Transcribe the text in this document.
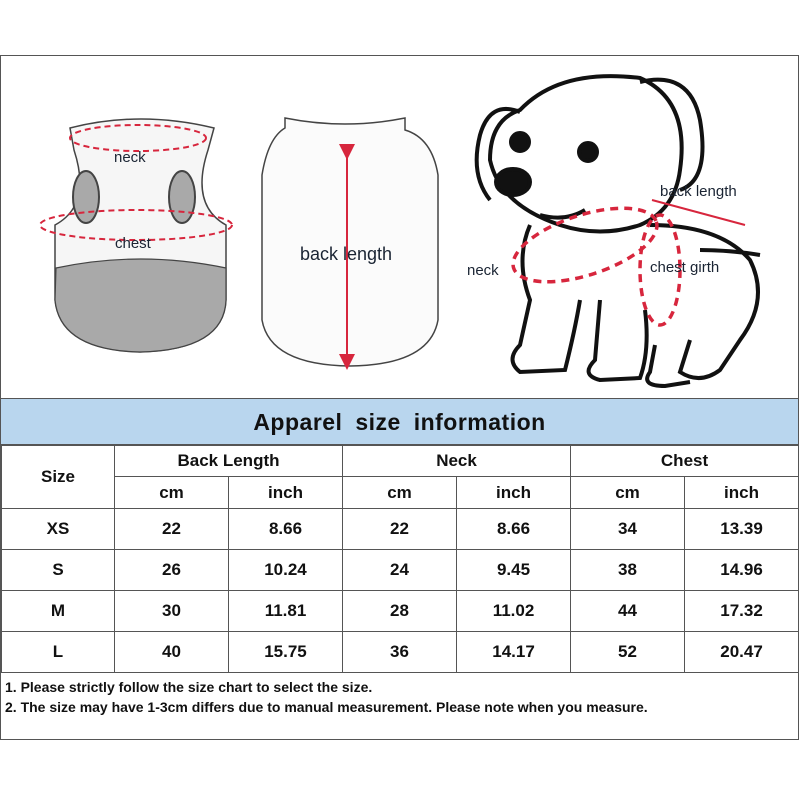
neck
chest
back length
back length
neck	chest girth
Apparel size information
Size	Back Length		Neck		Chest	
	cm	inch	cm	inch	cm	inch
XS	22	8.66	22	8.66	34	13.39
S	26	10.24	24	9.45	38	14.96
M	30	11.81	28	11.02	44	17.32
L	40	15.75	36	14.17	52	20.47
1. Please strictly follow the size chart to select the size.
2. The size may have 1-3cm differs due to manual measurement. Please note when you measure.
